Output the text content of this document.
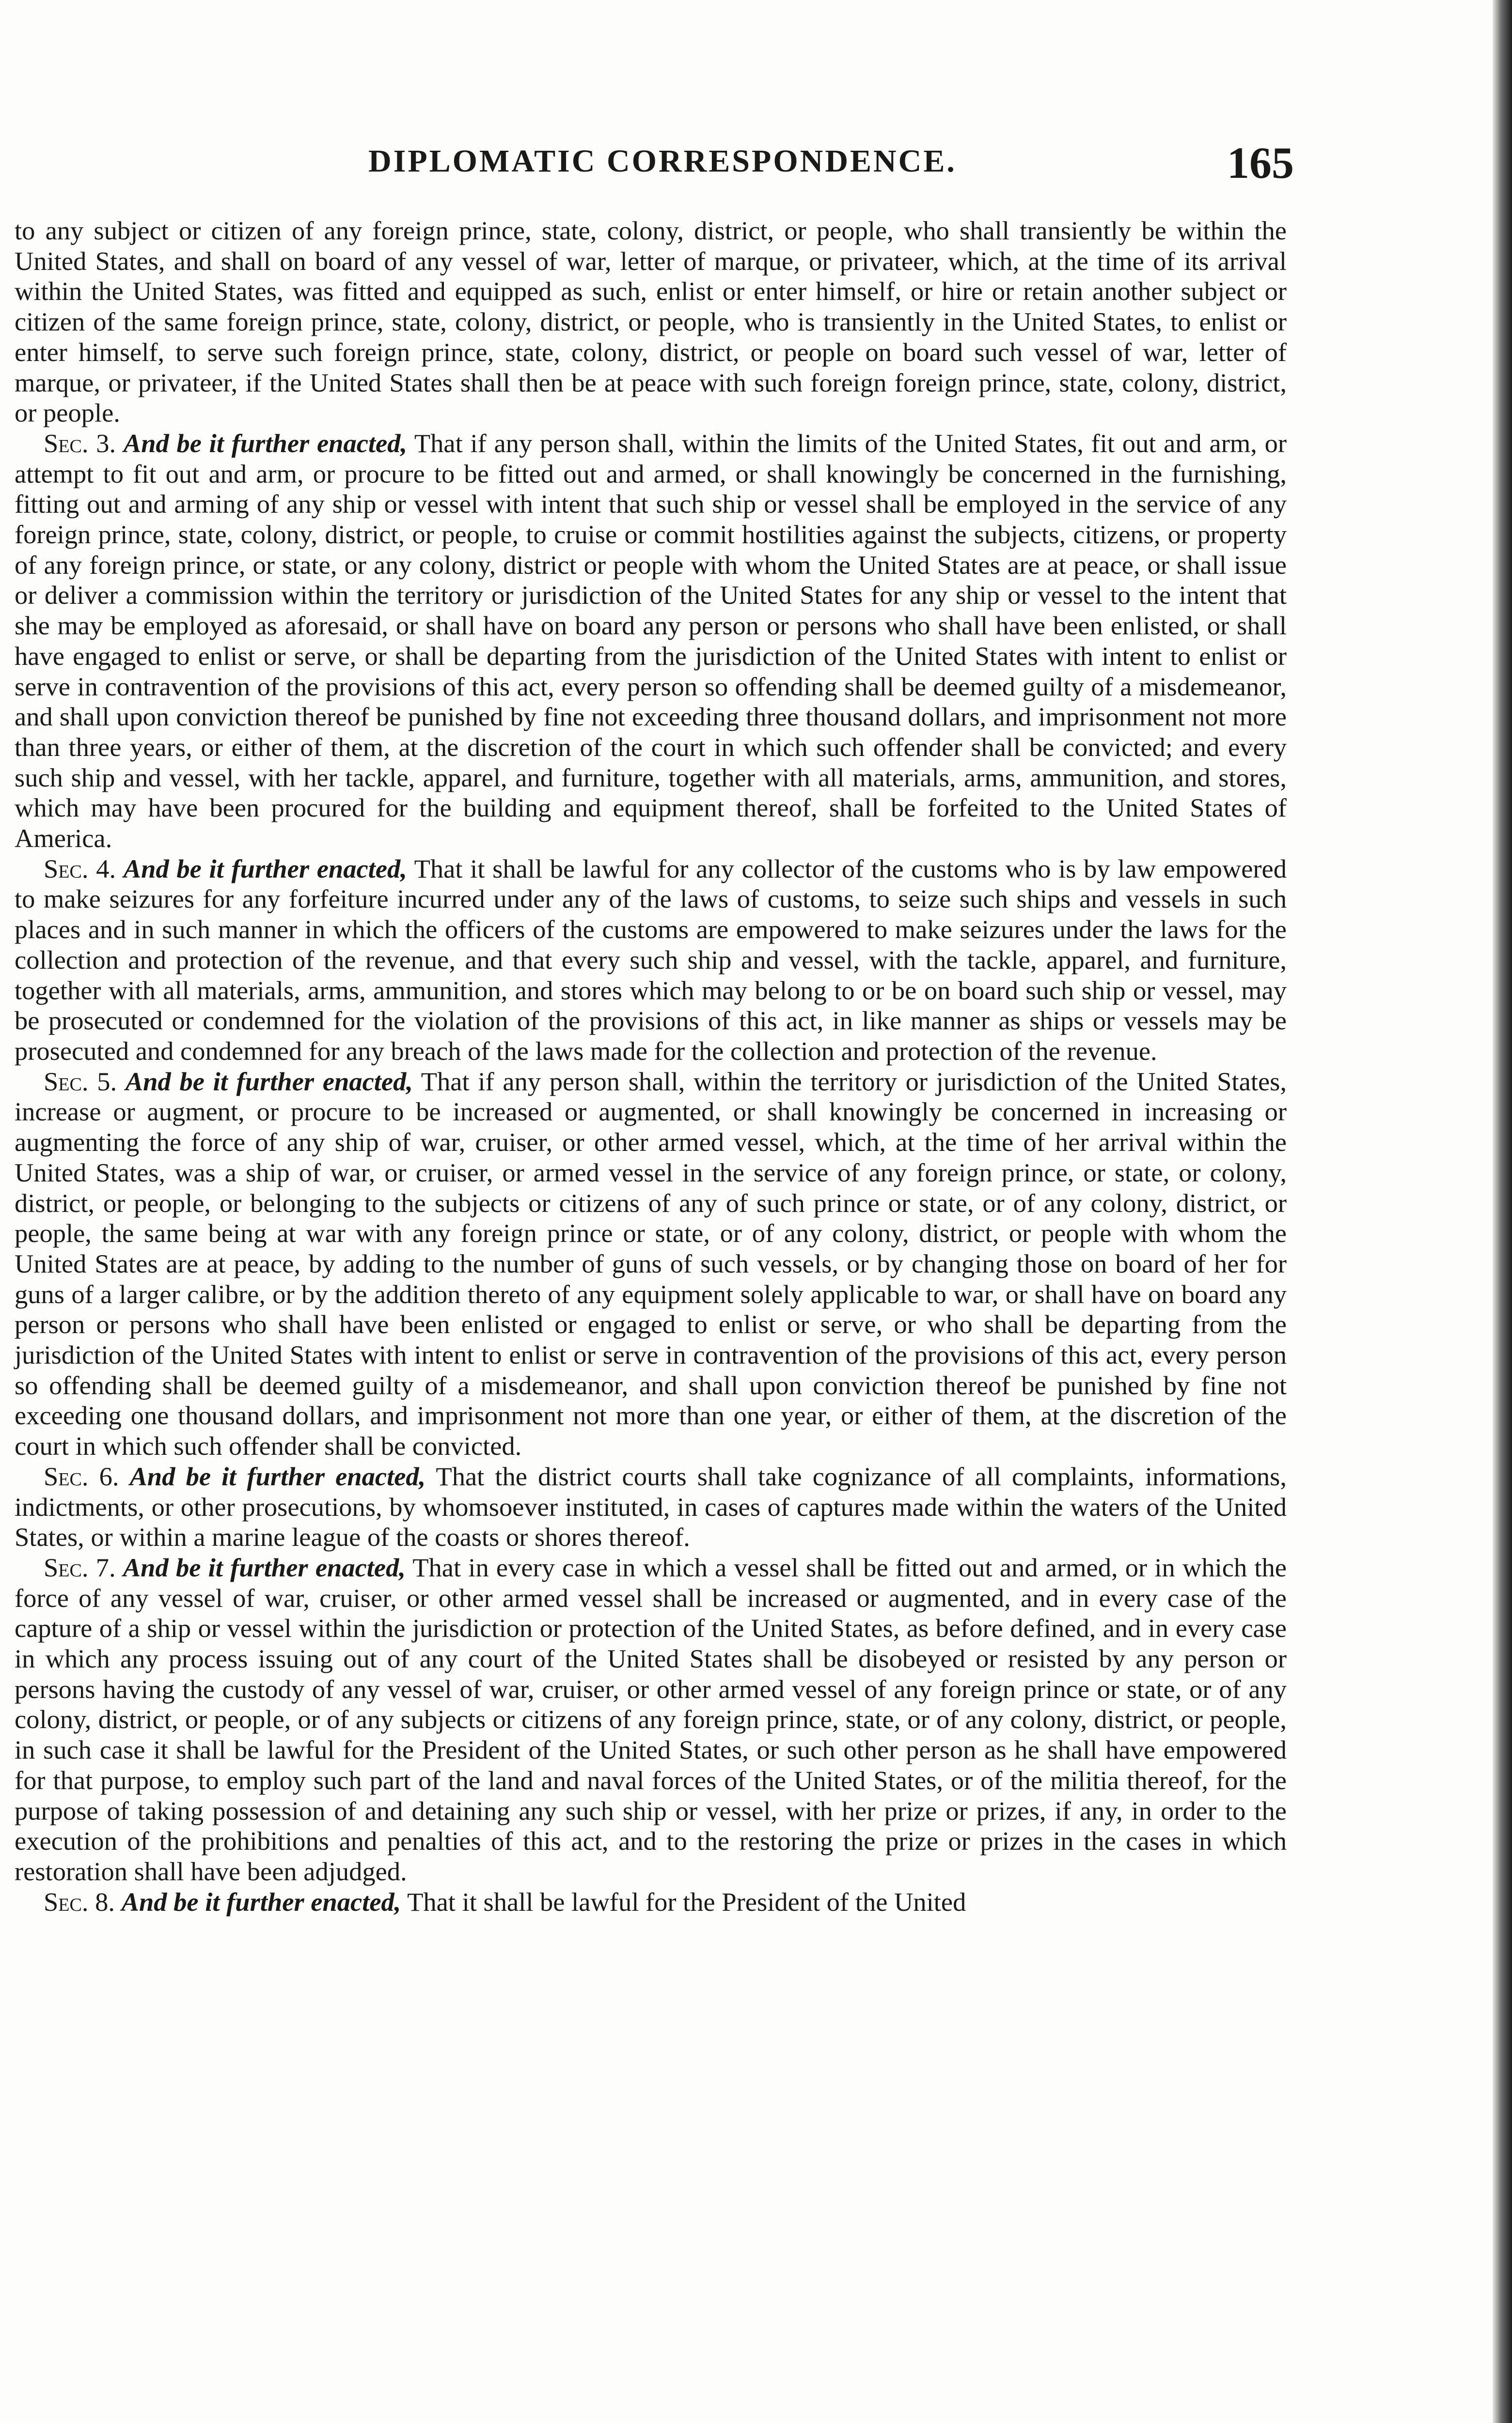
DIPLOMATIC CORRESPONDENCE.	165

to any subject or citizen of any foreign prince, state, colony, district, or people, who shall transiently be within the United States, and shall on board of any vessel of war, letter of marque, or privateer, which, at the time of its arrival within the United States, was fitted and equipped as such, enlist or enter himself, or hire or retain another subject or citizen of the same foreign prince, state, colony, district, or people, who is transiently in the United States, to enlist or enter himself, to serve such foreign prince, state, colony, district, or people on board such vessel of war, letter of marque, or privateer, if the United States shall then be at peace with such foreign foreign prince, state, colony, district, or people.

Sec. 3. And be it further enacted, That if any person shall, within the limits of the United States, fit out and arm, or attempt to fit out and arm, or procure to be fitted out and armed, or shall knowingly be concerned in the furnishing, fitting out and arming of any ship or vessel with intent that such ship or vessel shall be employed in the service of any foreign prince, state, colony, district, or people, to cruise or commit hostilities against the subjects, citizens, or property of any foreign prince, or state, or any colony, district or people with whom the United States are at peace, or shall issue or deliver a commission within the territory or jurisdiction of the United States for any ship or vessel to the intent that she may be employed as aforesaid, or shall have on board any person or persons who shall have been enlisted, or shall have engaged to enlist or serve, or shall be departing from the jurisdiction of the United States with intent to enlist or serve in contravention of the provisions of this act, every person so offending shall be deemed guilty of a misdemeanor, and shall upon conviction thereof be punished by fine not exceeding three thousand dollars, and imprisonment not more than three years, or either of them, at the discretion of the court in which such offender shall be convicted; and every such ship and vessel, with her tackle, apparel, and furniture, together with all materials, arms, ammunition, and stores, which may have been procured for the building and equipment thereof, shall be forfeited to the United States of America.

Sec. 4. And be it further enacted, That it shall be lawful for any collector of the customs who is by law empowered to make seizures for any forfeiture incurred under any of the laws of customs, to seize such ships and vessels in such places and in such manner in which the officers of the customs are empowered to make seizures under the laws for the collection and protection of the revenue, and that every such ship and vessel, with the tackle, apparel, and furniture, together with all materials, arms, ammunition, and stores which may belong to or be on board such ship or vessel, may be prosecuted or condemned for the violation of the provisions of this act, in like manner as ships or vessels may be prosecuted and condemned for any breach of the laws made for the collection and protection of the revenue.

Sec. 5. And be it further enacted, That if any person shall, within the territory or jurisdiction of the United States, increase or augment, or procure to be increased or augmented, or shall knowingly be concerned in increasing or augmenting the force of any ship of war, cruiser, or other armed vessel, which, at the time of her arrival within the United States, was a ship of war, or cruiser, or armed vessel in the service of any foreign prince, or state, or colony, district, or people, or belonging to the subjects or citizens of any of such prince or state, or of any colony, district, or people, the same being at war with any foreign prince or state, or of any colony, district, or people with whom the United States are at peace, by adding to the number of guns of such vessels, or by changing those on board of her for guns of a larger calibre, or by the addition thereto of any equipment solely applicable to war, or shall have on board any person or persons who shall have been enlisted or engaged to enlist or serve, or who shall be departing from the jurisdiction of the United States with intent to enlist or serve in contravention of the provisions of this act, every person so offending shall be deemed guilty of a misdemeanor, and shall upon conviction thereof be punished by fine not exceeding one thousand dollars, and imprisonment not more than one year, or either of them, at the discretion of the court in which such offender shall be convicted.

Sec. 6. And be it further enacted, That the district courts shall take cognizance of all complaints, informations, indictments, or other prosecutions, by whomsoever instituted, in cases of captures made within the waters of the United States, or within a marine league of the coasts or shores thereof.

Sec. 7. And be it further enacted, That in every case in which a vessel shall be fitted out and armed, or in which the force of any vessel of war, cruiser, or other armed vessel shall be increased or augmented, and in every case of the capture of a ship or vessel within the jurisdiction or protection of the United States, as before defined, and in every case in which any process issuing out of any court of the United States shall be disobeyed or resisted by any person or persons having the custody of any vessel of war, cruiser, or other armed vessel of any foreign prince or state, or of any colony, district, or people, or of any subjects or citizens of any foreign prince, state, or of any colony, district, or people, in such case it shall be lawful for the President of the United States, or such other person as he shall have empowered for that purpose, to employ such part of the land and naval forces of the United States, or of the militia thereof, for the purpose of taking possession of and detaining any such ship or vessel, with her prize or prizes, if any, in order to the execution of the prohibitions and penalties of this act, and to the restoring the prize or prizes in the cases in which restoration shall have been adjudged.

Sec. 8. And be it further enacted, That it shall be lawful for the President of the United
